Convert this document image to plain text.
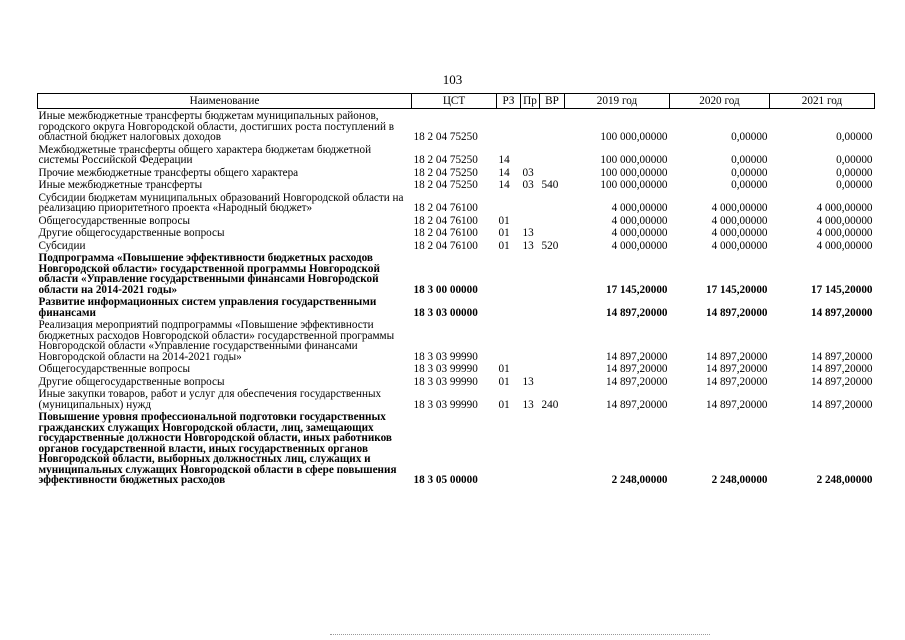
103
Наименование	ЦСТ	РЗ	Пр	ВР	2019 год	2020 год	2021 год
Иные межбюджетные трансферты бюджетам муниципальных районов, городского округа Новгородской области, достигших роста поступлений в областной бюджет налоговых доходов	18 2 04 75250				100 000,00000	0,00000	0,00000
Межбюджетные трансферты общего характера бюджетам бюджетной системы Российской Федерации	18 2 04 75250	14			100 000,00000	0,00000	0,00000
Прочие межбюджетные трансферты общего характера	18 2 04 75250	14	03		100 000,00000	0,00000	0,00000
Иные межбюджетные трансферты	18 2 04 75250	14	03	540	100 000,00000	0,00000	0,00000
Субсидии бюджетам муниципальных образований Новгородской области на реализацию приоритетного проекта «Народный бюджет»	18 2 04 76100				4 000,00000	4 000,00000	4 000,00000
Общегосударственные вопросы	18 2 04 76100	01			4 000,00000	4 000,00000	4 000,00000
Другие общегосударственные вопросы	18 2 04 76100	01	13		4 000,00000	4 000,00000	4 000,00000
Субсидии	18 2 04 76100	01	13	520	4 000,00000	4 000,00000	4 000,00000
Подпрограмма «Повышение эффективности бюджетных расходов Новгородской области» государственной программы Новгородской области «Управление государственными финансами Новгородской области на 2014-2021 годы»	18 3 00 00000				17 145,20000	17 145,20000	17 145,20000
Развитие информационных систем управления государственными финансами	18 3 03 00000				14 897,20000	14 897,20000	14 897,20000
Реализация мероприятий подпрограммы «Повышение эффективности бюджетных расходов Новгородской области» государственной программы Новгородской области «Управление государственными финансами Новгородской области на 2014-2021 годы»	18 3 03 99990				14 897,20000	14 897,20000	14 897,20000
Общегосударственные вопросы	18 3 03 99990	01			14 897,20000	14 897,20000	14 897,20000
Другие общегосударственные вопросы	18 3 03 99990	01	13		14 897,20000	14 897,20000	14 897,20000
Иные закупки товаров, работ и услуг для обеспечения государственных (муниципальных) нужд	18 3 03 99990	01	13	240	14 897,20000	14 897,20000	14 897,20000
Повышение уровня профессиональной подготовки государственных гражданских служащих Новгородской области, лиц, замещающих государственные должности Новгородской области, иных работников органов государственной власти, иных государственных органов Новгородской области, выборных должностных лиц, служащих и муниципальных служащих Новгородской области в сфере повышения эффективности бюджетных расходов	18 3 05 00000				2 248,00000	2 248,00000	2 248,00000
